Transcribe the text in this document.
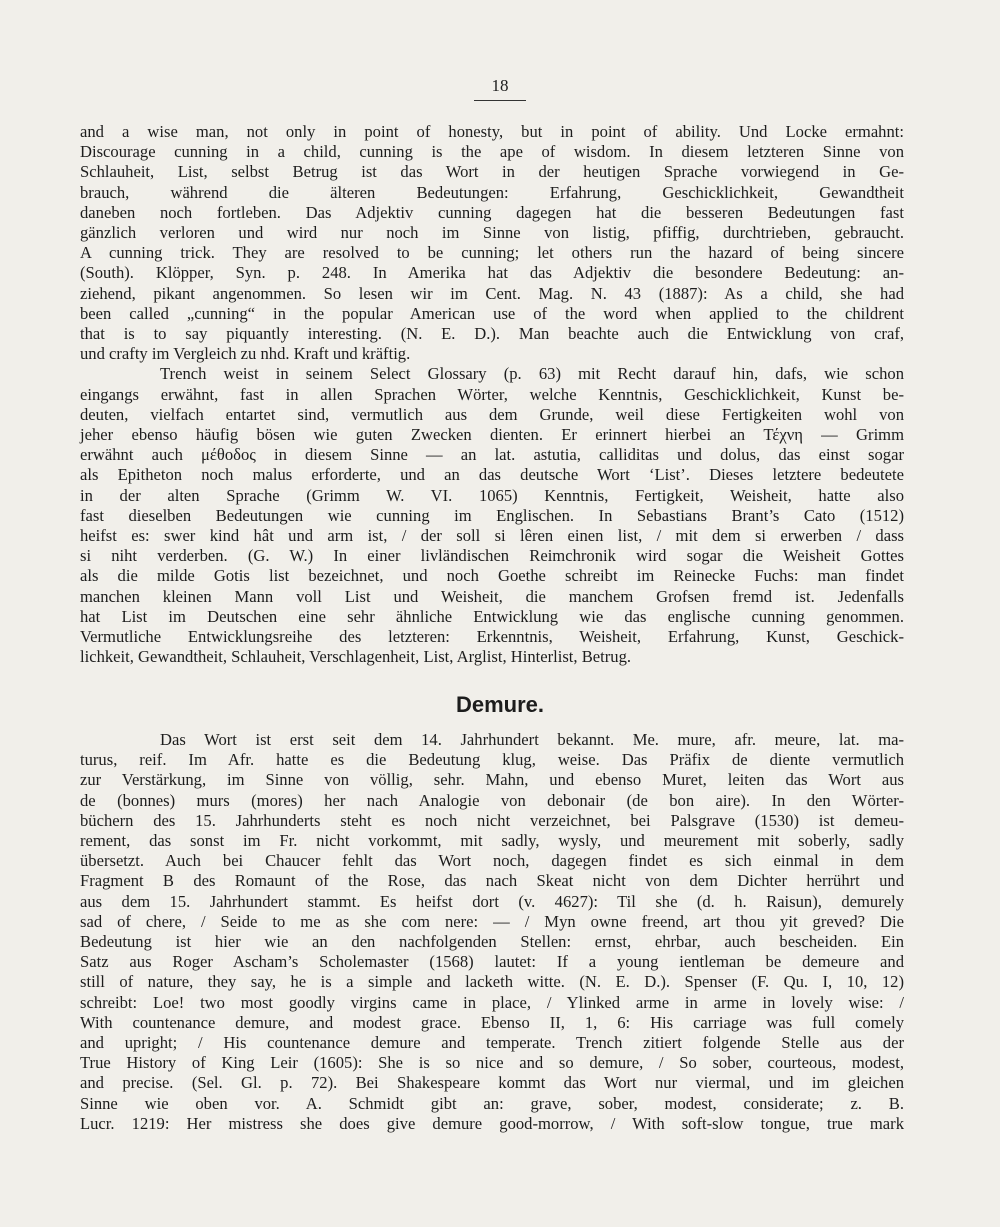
18
and a wise man, not only in point of honesty, but in point of ability. Und Locke ermahnt:
Discourage cunning in a child, cunning is the ape of wisdom. In diesem letzteren Sinne von
Schlauheit, List, selbst Betrug ist das Wort in der heutigen Sprache vorwiegend in Ge-
brauch, während die älteren Bedeutungen: Erfahrung, Geschicklichkeit, Gewandtheit
daneben noch fortleben. Das Adjektiv cunning dagegen hat die besseren Bedeutungen fast
gänzlich verloren und wird nur noch im Sinne von listig, pfiffig, durchtrieben, gebraucht.
A cunning trick. They are resolved to be cunning; let others run the hazard of being sincere
(South). Klöpper, Syn. p. 248. In Amerika hat das Adjektiv die besondere Bedeutung: an-
ziehend, pikant angenommen. So lesen wir im Cent. Mag. N. 43 (1887): As a child, she had
been called „cunning“ in the popular American use of the word when applied to the childrent
that is to say piquantly interesting. (N. E. D.). Man beachte auch die Entwicklung von craf,
und crafty im Vergleich zu nhd. Kraft und kräftig.
Trench weist in seinem Select Glossary (p. 63) mit Recht darauf hin, dafs, wie schon
eingangs erwähnt, fast in allen Sprachen Wörter, welche Kenntnis, Geschicklichkeit, Kunst be-
deuten, vielfach entartet sind, vermutlich aus dem Grunde, weil diese Fertigkeiten wohl von
jeher ebenso häufig bösen wie guten Zwecken dienten. Er erinnert hierbei an Τέχνη — Grimm
erwähnt auch μέθοδος in diesem Sinne — an lat. astutia, calliditas und dolus, das einst sogar
als Epitheton noch malus erforderte, und an das deutsche Wort ‘List’. Dieses letztere bedeutete
in der alten Sprache (Grimm W. VI. 1065) Kenntnis, Fertigkeit, Weisheit, hatte also
fast dieselben Bedeutungen wie cunning im Englischen. In Sebastians Brant’s Cato (1512)
heifst es: swer kind hât und arm ist, / der soll si lêren einen list, / mit dem si erwerben / dass
si niht verderben. (G. W.) In einer livländischen Reimchronik wird sogar die Weisheit Gottes
als die milde Gotis list bezeichnet, und noch Goethe schreibt im Reinecke Fuchs: man findet
manchen kleinen Mann voll List und Weisheit, die manchem Grofsen fremd ist. Jedenfalls
hat List im Deutschen eine sehr ähnliche Entwicklung wie das englische cunning genommen.
Vermutliche Entwicklungsreihe des letzteren: Erkenntnis, Weisheit, Erfahrung, Kunst, Geschick-
lichkeit, Gewandtheit, Schlauheit, Verschlagenheit, List, Arglist, Hinterlist, Betrug.
Demure.
Das Wort ist erst seit dem 14. Jahrhundert bekannt. Me. mure, afr. meure, lat. ma-
turus, reif. Im Afr. hatte es die Bedeutung klug, weise. Das Präfix de diente vermutlich
zur Verstärkung, im Sinne von völlig, sehr. Mahn, und ebenso Muret, leiten das Wort aus
de (bonnes) murs (mores) her nach Analogie von debonair (de bon aire). In den Wörter-
büchern des 15. Jahrhunderts steht es noch nicht verzeichnet, bei Palsgrave (1530) ist demeu-
rement, das sonst im Fr. nicht vorkommt, mit sadly, wysly, und meurement mit soberly, sadly
übersetzt. Auch bei Chaucer fehlt das Wort noch, dagegen findet es sich einmal in dem
Fragment B des Romaunt of the Rose, das nach Skeat nicht von dem Dichter herrührt und
aus dem 15. Jahrhundert stammt. Es heifst dort (v. 4627): Til she (d. h. Raisun), demurely
sad of chere, / Seide to me as she com nere: — / Myn owne freend, art thou yit greved? Die
Bedeutung ist hier wie an den nachfolgenden Stellen: ernst, ehrbar, auch bescheiden. Ein
Satz aus Roger Ascham’s Scholemaster (1568) lautet: If a young ientleman be demeure and
still of nature, they say, he is a simple and lacketh witte. (N. E. D.). Spenser (F. Qu. I, 10, 12)
schreibt: Loe! two most goodly virgins came in place, / Ylinked arme in arme in lovely wise: /
With countenance demure, and modest grace. Ebenso II, 1, 6: His carriage was full comely
and upright; / His countenance demure and temperate. Trench zitiert folgende Stelle aus der
True History of King Leir (1605): She is so nice and so demure, / So sober, courteous, modest,
and precise. (Sel. Gl. p. 72). Bei Shakespeare kommt das Wort nur viermal, und im gleichen
Sinne wie oben vor. A. Schmidt gibt an: grave, sober, modest, considerate; z. B.
Lucr. 1219: Her mistress she does give demure good-morrow, / With soft-slow tongue, true mark
